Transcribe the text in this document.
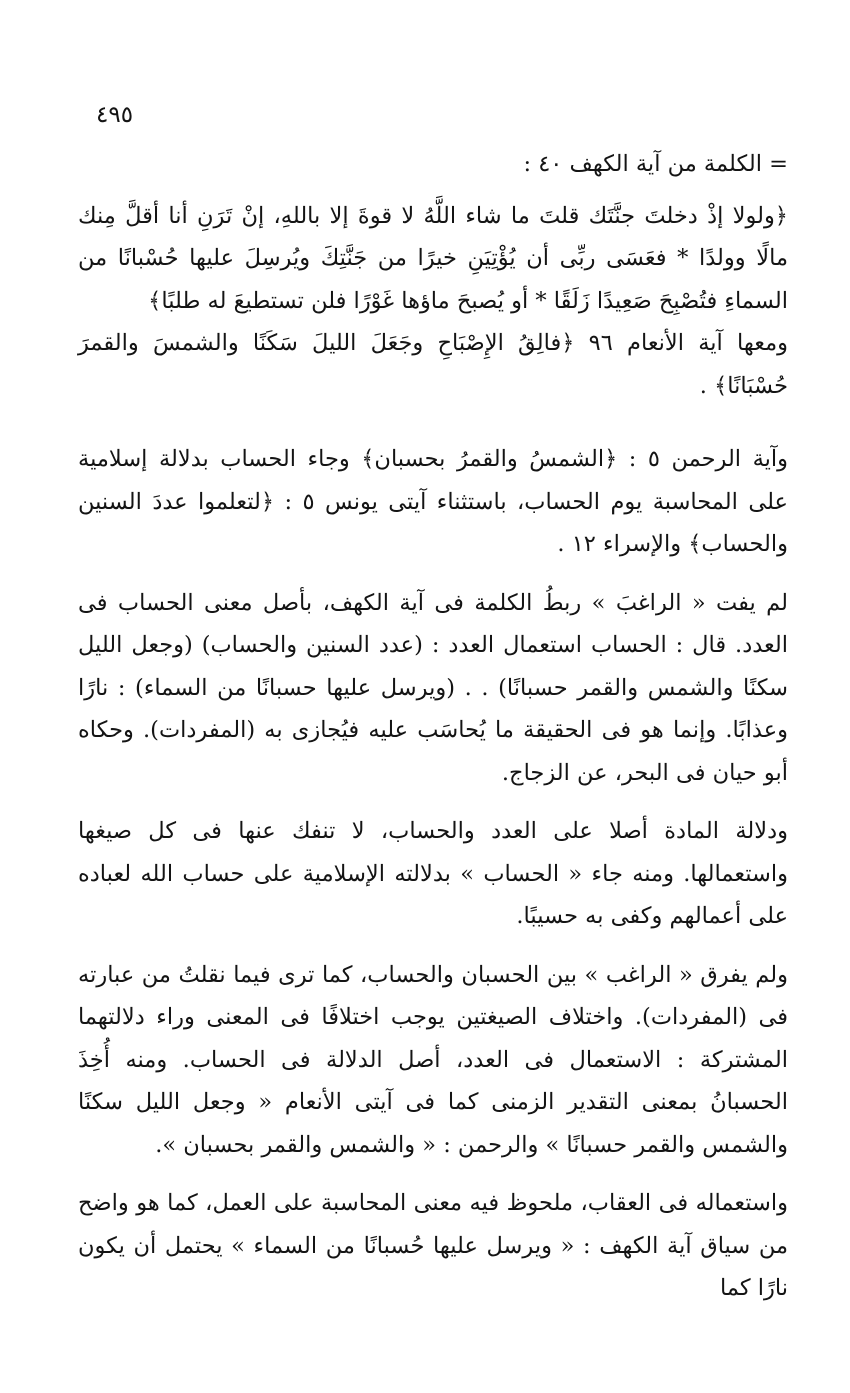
٤٩٥

= الكلمة من آية الكهف ٤٠ :

﴿ولولا إذْ دخلتَ جنَّتَك قلتَ ما شاء اللَّهُ لا قوةَ إلا باللهِ، إنْ تَرَنِ أنا أقلَّ مِنك مالًا وولدًا * فعَسَى ربِّى أن يُؤْتِيَنِ خيرًا من جَنَّتِكَ ويُرسِلَ عليها حُسْبانًا من السماءِ فتُصْبِحَ صَعِيدًا زَلَقًا * أو يُصبحَ ماؤها غَوْرًا فلن تستطيعَ له طلبًا﴾

ومعها آية الأنعام ٩٦ ﴿فالِقُ الإِصْبَاحِ وجَعَلَ الليلَ سَكَنًا والشمسَ والقمرَ حُسْبَانًا﴾ .

وآية الرحمن ٥ : ﴿الشمسُ والقمرُ بحسبان﴾ وجاء الحساب بدلالة إسلامية على المحاسبة يوم الحساب، باستثناء آيتى يونس ٥ : ﴿لتعلموا عددَ السنين والحساب﴾ والإسراء ١٢ .

لم يفت « الراغبَ » ربطُ الكلمة فى آية الكهف، بأصل معنى الحساب فى العدد. قال : الحساب استعمال العدد : (عدد السنين والحساب) (وجعل الليل سكنًا والشمس والقمر حسبانًا) . . (ويرسل عليها حسبانًا من السماء) : نارًا وعذابًا. وإنما هو فى الحقيقة ما يُحاسَب عليه فيُجازى به (المفردات). وحكاه أبو حيان فى البحر، عن الزجاج.

ودلالة المادة أصلا على العدد والحساب، لا تنفك عنها فى كل صيغها واستعمالها. ومنه جاء « الحساب » بدلالته الإسلامية على حساب الله لعباده على أعمالهم وكفى به حسيبًا.

ولم يفرق « الراغب » بين الحسبان والحساب، كما ترى فيما نقلتُ من عبارته فى (المفردات). واختلاف الصيغتين يوجب اختلافًا فى المعنى وراء دلالتهما المشتركة : الاستعمال فى العدد، أصل الدلالة فى الحساب. ومنه أُخِذَ الحسبانُ بمعنى التقدير الزمنى كما فى آيتى الأنعام « وجعل الليل سكنًا والشمس والقمر حسبانًا » والرحمن : « والشمس والقمر بحسبان ».

واستعماله فى العقاب، ملحوظ فيه معنى المحاسبة على العمل، كما هو واضح من سياق آية الكهف : « ويرسل عليها حُسبانًا من السماء » يحتمل أن يكون نارًا كما
